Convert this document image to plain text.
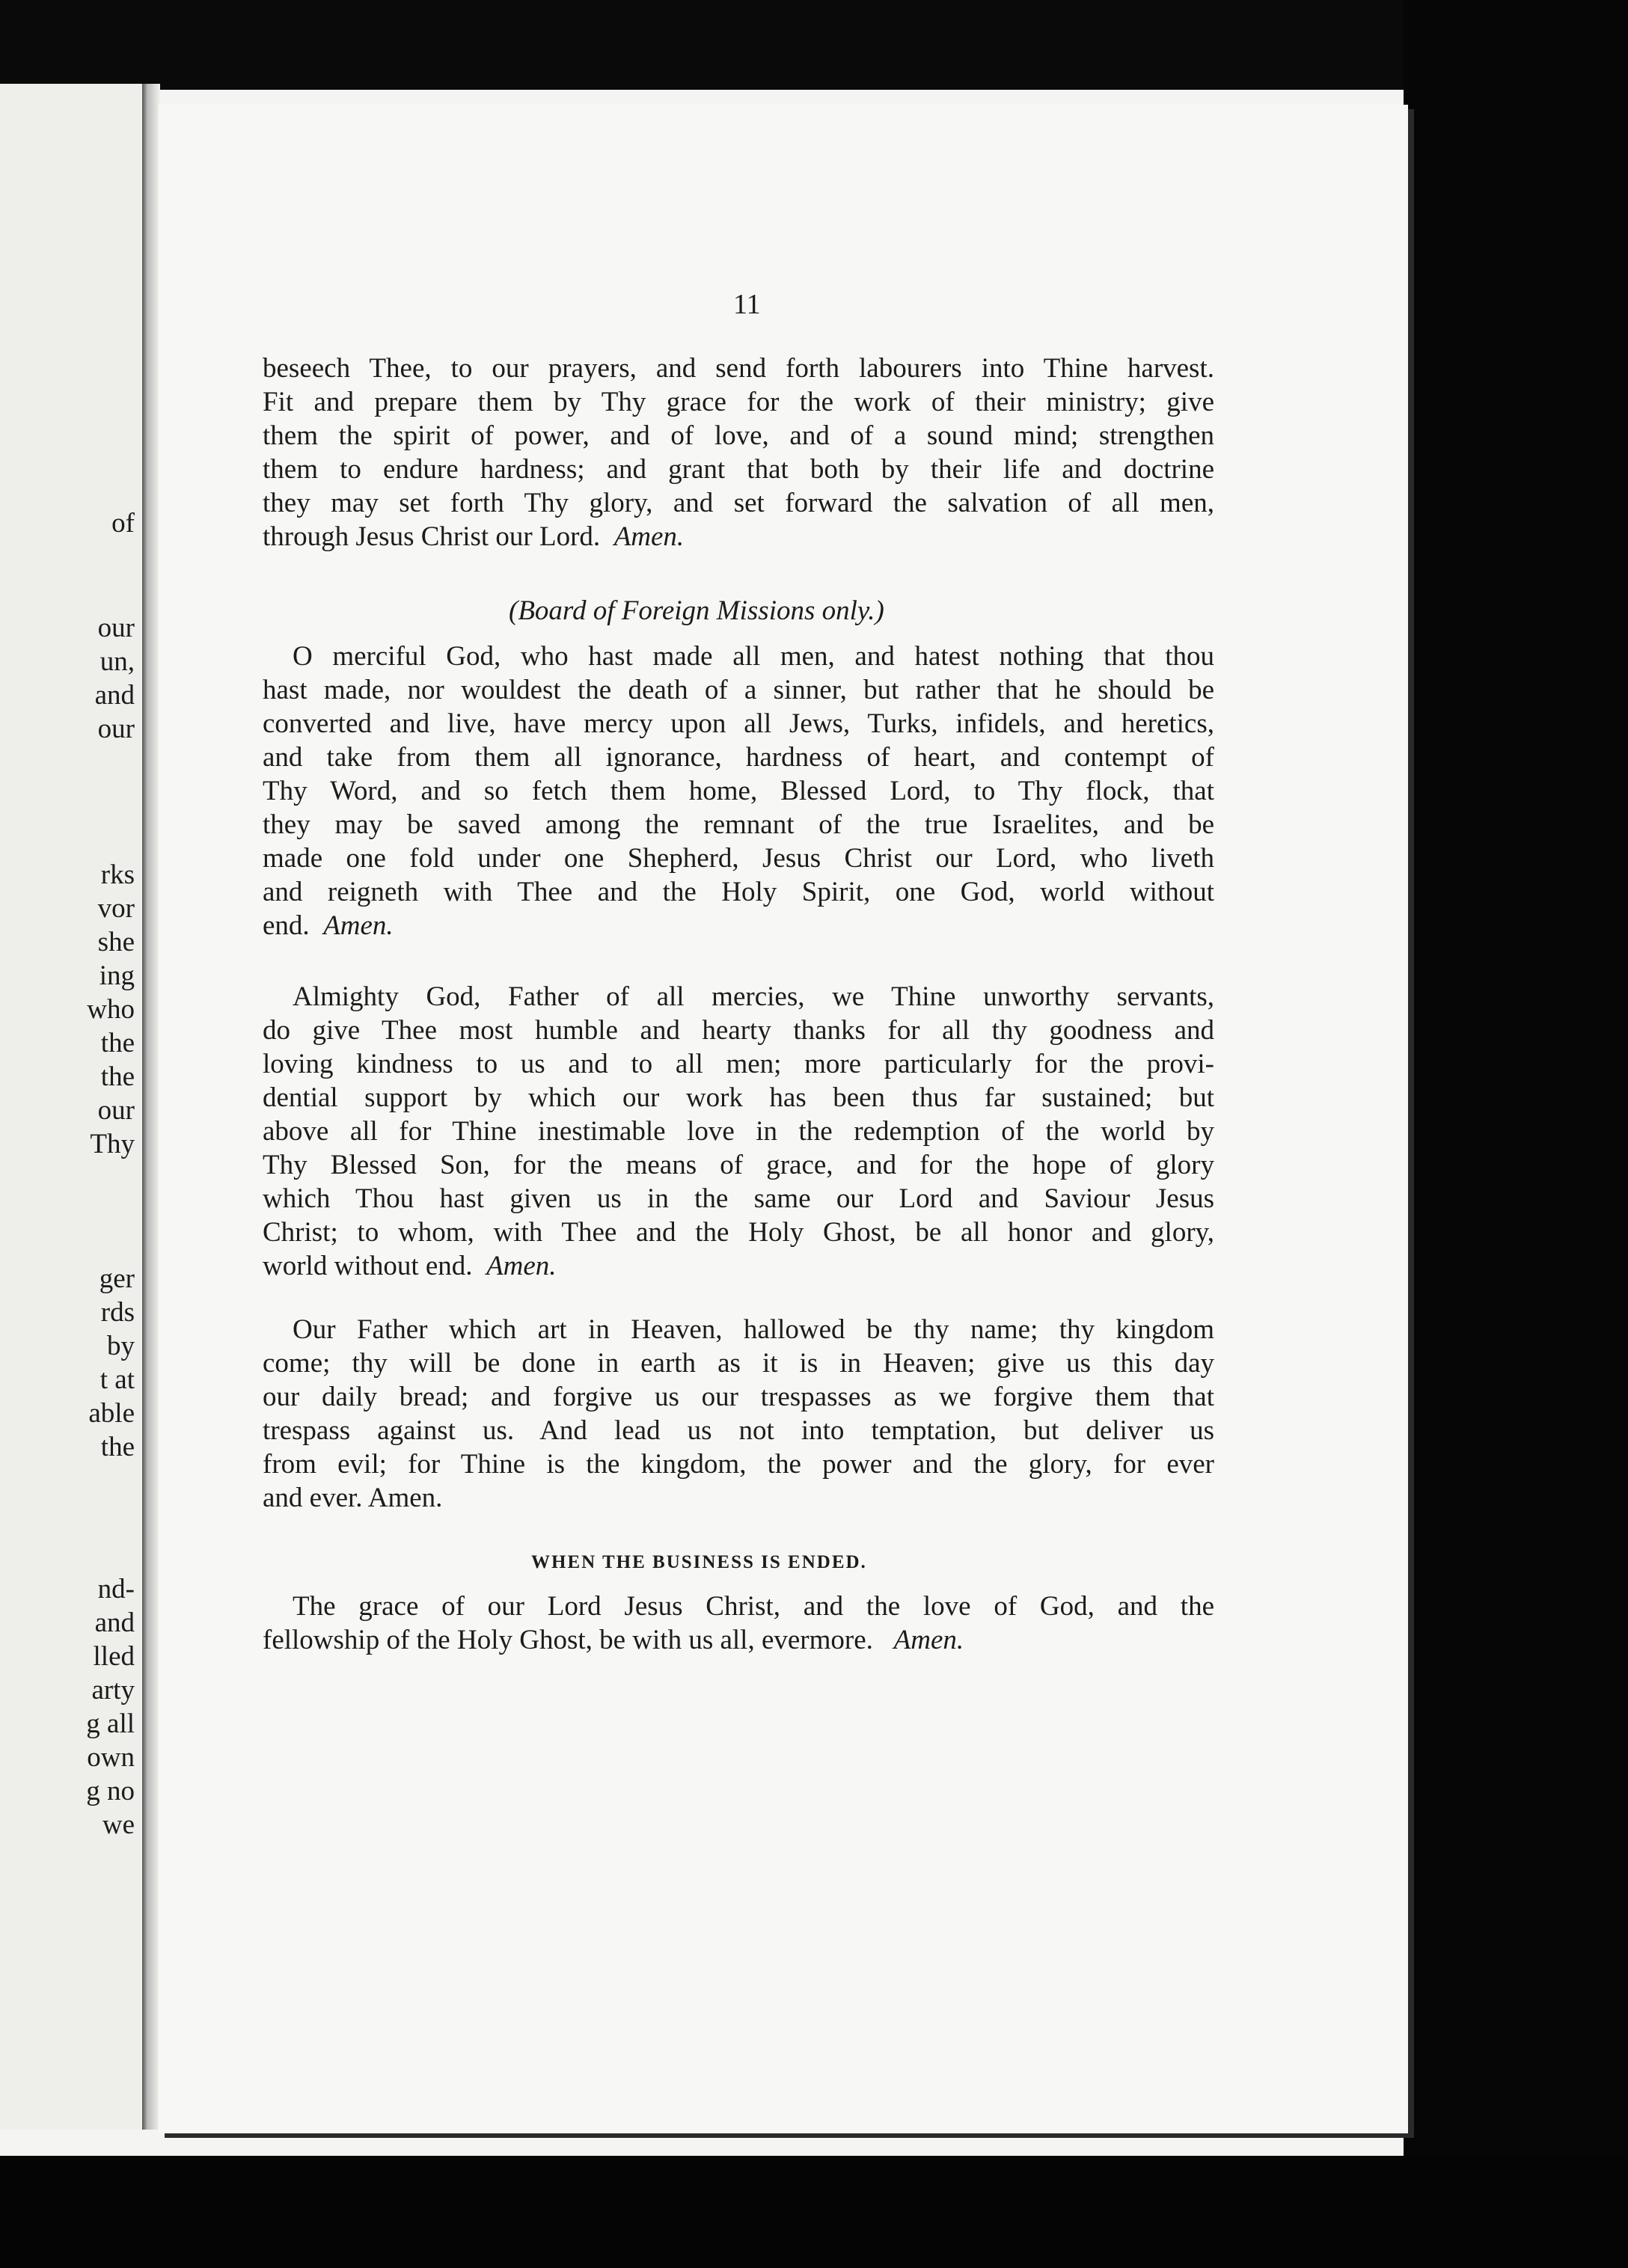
of
our
un,
and
our
rks
vor
she
ing
who
the
the
our
Thy
ger
rds
by
t at
able
the
nd-
and
lled
arty
g all
own
g no
we
11
beseech Thee, to our prayers, and send forth labourers into Thine harvest.
Fit and prepare them by Thy grace for the work of their ministry; give
them the spirit of power, and of love, and of a sound mind; strengthen
them to endure hardness; and grant that both by their life and doctrine
they may set forth Thy glory, and set forward the salvation of all men,
through Jesus Christ our Lord. Amen.
(Board of Foreign Missions only.)
O merciful God, who hast made all men, and hatest nothing that thou
hast made, nor wouldest the death of a sinner, but rather that he should be
converted and live, have mercy upon all Jews, Turks, infidels, and heretics,
and take from them all ignorance, hardness of heart, and contempt of
Thy Word, and so fetch them home, Blessed Lord, to Thy flock, that
they may be saved among the remnant of the true Israelites, and be
made one fold under one Shepherd, Jesus Christ our Lord, who liveth
and reigneth with Thee and the Holy Spirit, one God, world without
end. Amen.
Almighty God, Father of all mercies, we Thine unworthy servants,
do give Thee most humble and hearty thanks for all thy goodness and
loving kindness to us and to all men; more particularly for the provi-
dential support by which our work has been thus far sustained; but
above all for Thine inestimable love in the redemption of the world by
Thy Blessed Son, for the means of grace, and for the hope of glory
which Thou hast given us in the same our Lord and Saviour Jesus
Christ; to whom, with Thee and the Holy Ghost, be all honor and glory,
world without end. Amen.
Our Father which art in Heaven, hallowed be thy name; thy kingdom
come; thy will be done in earth as it is in Heaven; give us this day
our daily bread; and forgive us our trespasses as we forgive them that
trespass against us. And lead us not into temptation, but deliver us
from evil; for Thine is the kingdom, the power and the glory, for ever
and ever. Amen.
WHEN THE BUSINESS IS ENDED.
The grace of our Lord Jesus Christ, and the love of God, and the
fellowship of the Holy Ghost, be with us all, evermore. Amen.
